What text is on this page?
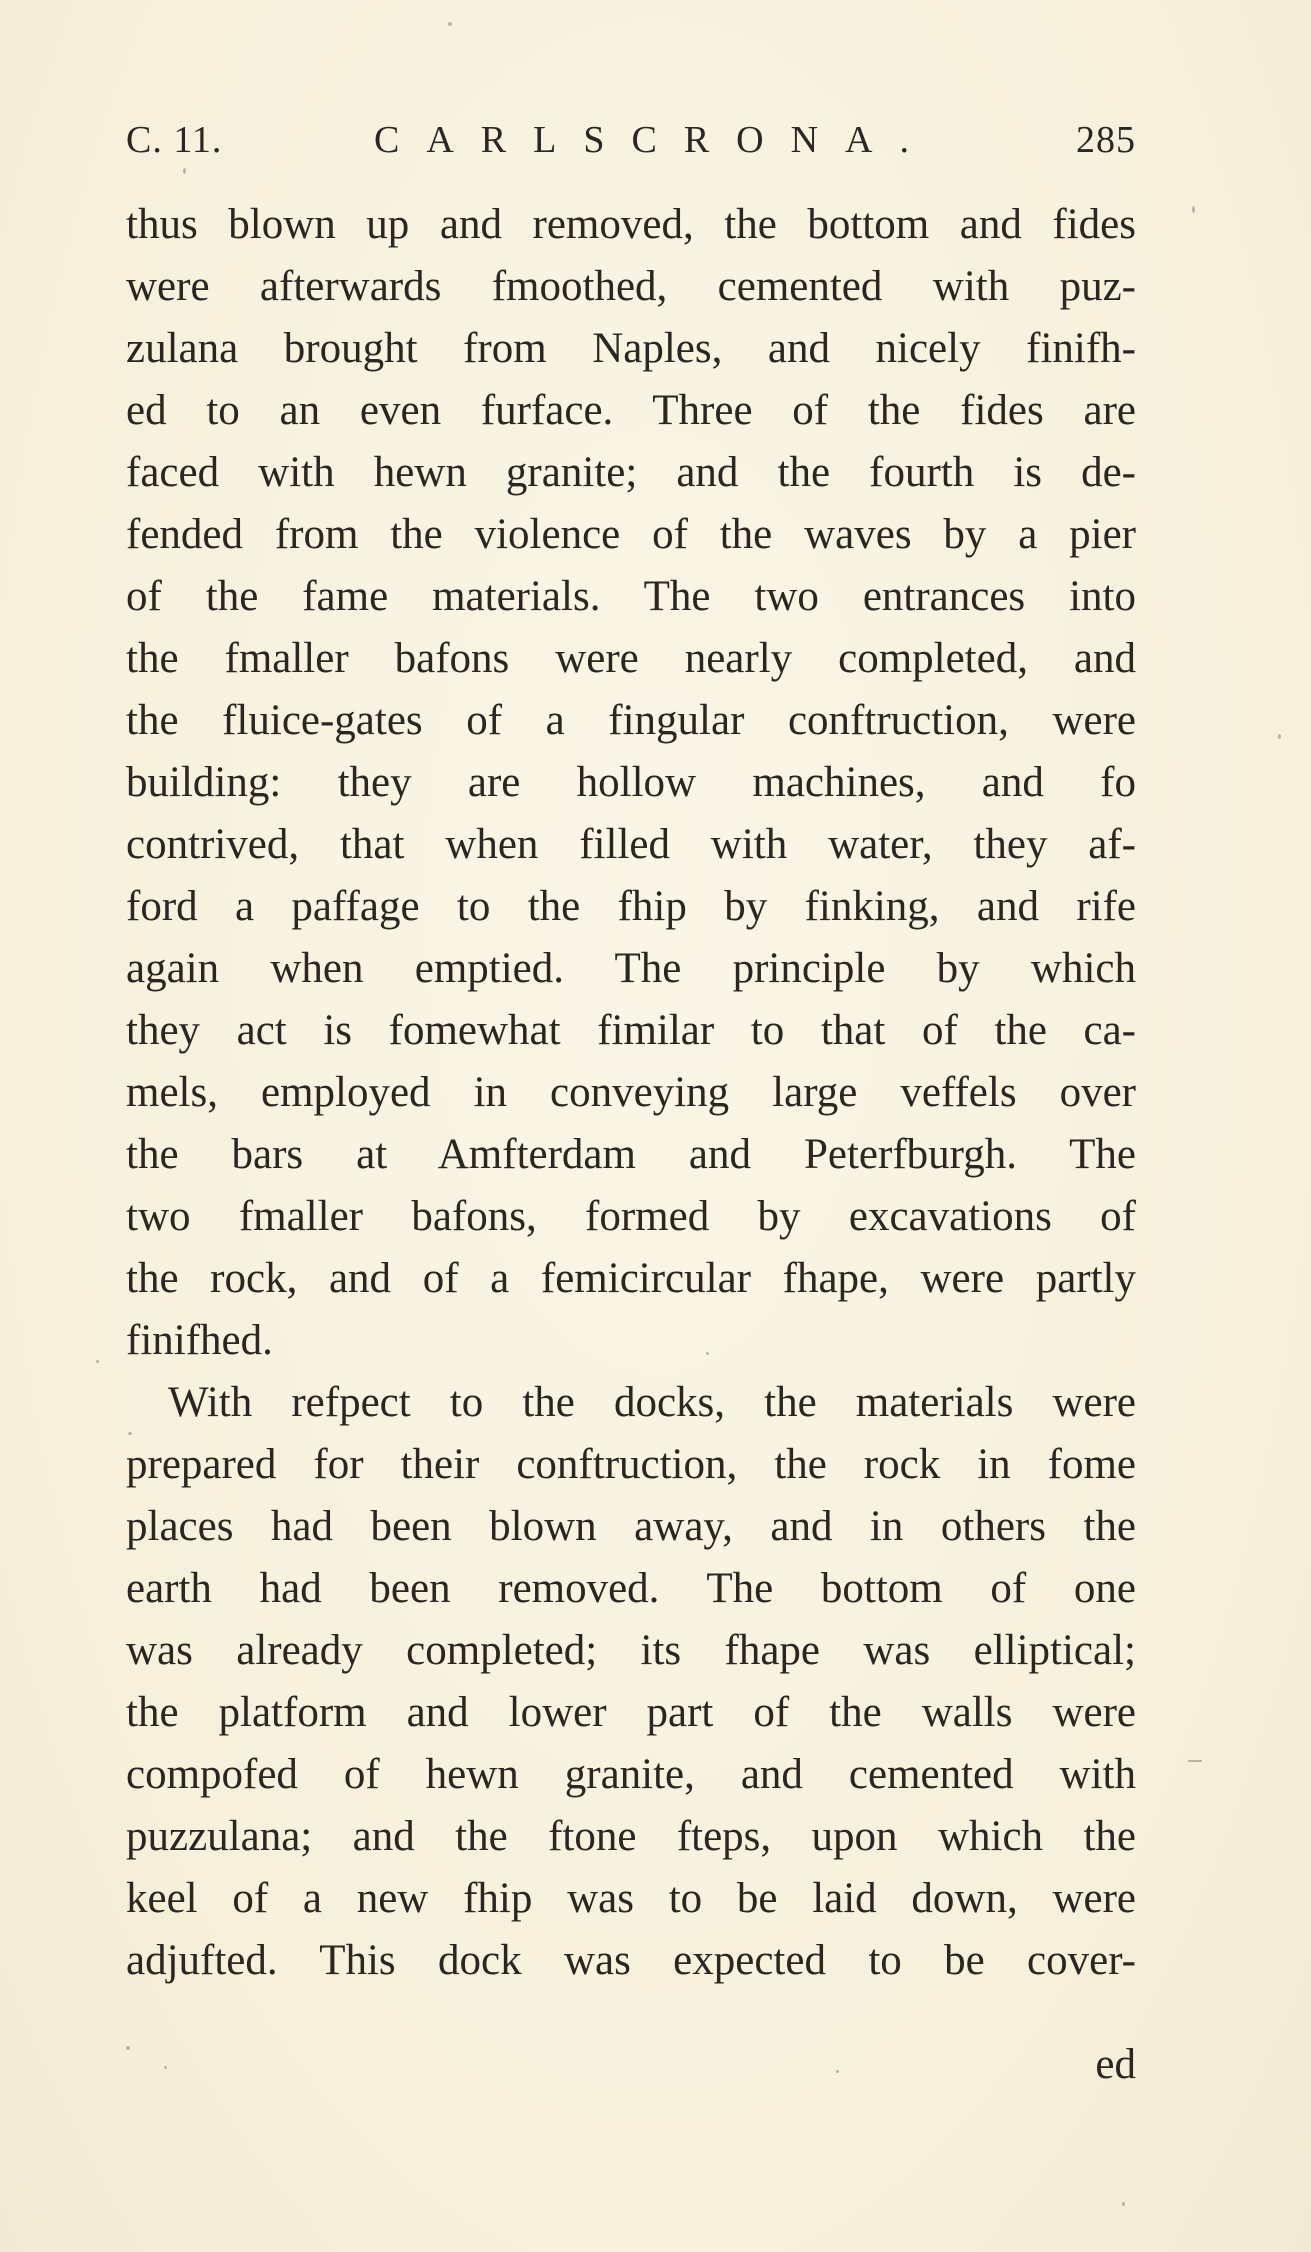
C. 11.	CARLSCRONA.	285
thus blown up and removed, the bottom and fides
were afterwards fmoothed, cemented with puz-
zulana brought from Naples, and nicely finifh-
ed to an even furface. Three of the fides are
faced with hewn granite; and the fourth is de-
fended from the violence of the waves by a pier
of the fame materials. The two entrances into
the fmaller bafons were nearly completed, and
the fluice-gates of a fingular conftruction, were
building: they are hollow machines, and fo
contrived, that when filled with water, they af-
ford a paffage to the fhip by finking, and rife
again when emptied. The principle by which
they act is fomewhat fimilar to that of the ca-
mels, employed in conveying large veffels over
the bars at Amfterdam and Peterfburgh. The
two fmaller bafons, formed by excavations of
the rock, and of a femicircular fhape, were partly
finifhed.
With refpect to the docks, the materials were
prepared for their conftruction, the rock in fome
places had been blown away, and in others the
earth had been removed. The bottom of one
was already completed; its fhape was elliptical;
the platform and lower part of the walls were
compofed of hewn granite, and cemented with
puzzulana; and the ftone fteps, upon which the
keel of a new fhip was to be laid down, were
adjufted. This dock was expected to be cover-
ed
